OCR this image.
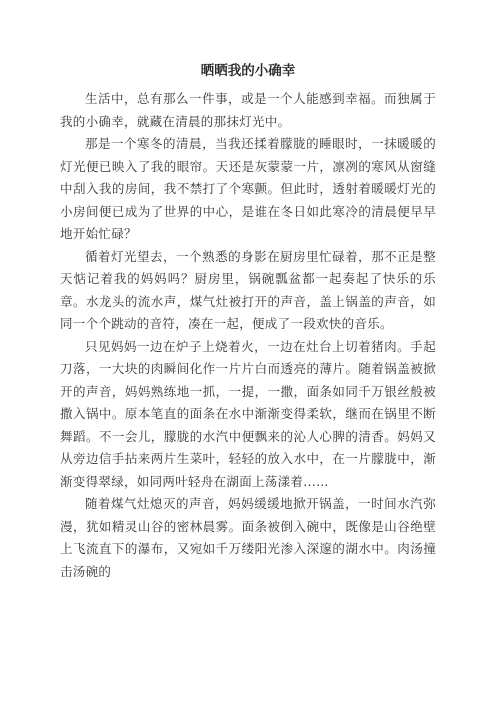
晒晒我的小确幸

生活中，总有那么一件事，或是一个人能感到幸福。而独属于我的小确幸，就藏在清晨的那抹灯光中。

那是一个寒冬的清晨，当我还揉着朦胧的睡眼时，一抹暖暖的灯光便已映入了我的眼帘。天还是灰蒙蒙一片，凛冽的寒风从窗缝中刮入我的房间，我不禁打了个寒颤。但此时，透射着暖暖灯光的小房间便已成为了世界的中心，是谁在冬日如此寒冷的清晨便早早地开始忙碌？

循着灯光望去，一个熟悉的身影在厨房里忙碌着，那不正是整天惦记着我的妈妈吗？厨房里，锅碗瓢盆都一起奏起了快乐的乐章。水龙头的流水声，煤气灶被打开的声音，盖上锅盖的声音，如同一个个跳动的音符，凑在一起，便成了一段欢快的音乐。

只见妈妈一边在炉子上烧着火，一边在灶台上切着猪肉。手起刀落，一大块的肉瞬间化作一片片白而透亮的薄片。随着锅盖被掀开的声音，妈妈熟练地一抓，一提，一撒，面条如同千万银丝般被撒入锅中。原本笔直的面条在水中渐渐变得柔软，继而在锅里不断舞蹈。不一会儿，朦胧的水汽中便飘来的沁人心脾的清香。妈妈又从旁边信手拈来两片生菜叶，轻轻的放入水中，在一片朦胧中，渐渐变得翠绿，如同两叶轻舟在湖面上荡漾着……

随着煤气灶熄灭的声音，妈妈缓缓地掀开锅盖，一时间水汽弥漫，犹如精灵山谷的密林晨雾。面条被倒入碗中，既像是山谷绝壁上飞流直下的瀑布，又宛如千万缕阳光渗入深邃的湖水中。肉汤撞击汤碗的
